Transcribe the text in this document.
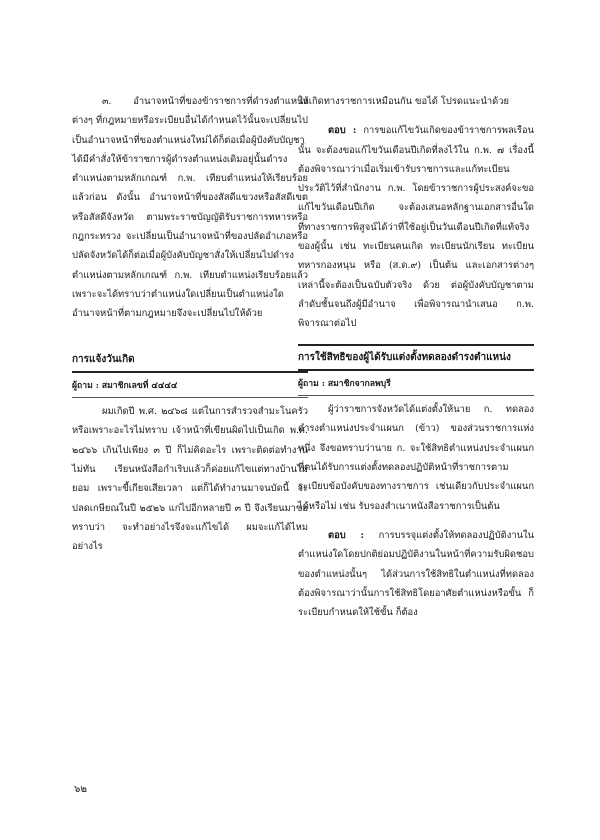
๓. อำนาจหน้าที่ของข้าราชการที่ดำรงตำแหน่งต่างๆ ที่กฎหมายหรือระเบียบอื่นได้กำหนดไว้นั้นจะเปลี่ยนไปเป็นอำนาจหน้าที่ของตำแหน่งใหม่ได้ก็ต่อเมื่อผู้บังคับบัญชาได้มีคำสั่งให้ข้าราชการผู้ดำรงตำแหน่งเดิมอยู่นั้นดำรงตำแหน่งตามหลักเกณฑ์ ก.พ. เทียบตำแหน่งให้เรียบร้อยแล้วก่อน ดังนั้น อำนาจหน้าที่ของสัสดีแขวงหรือสัสดีเขตหรือสัสดีจังหวัด ตามพระราชบัญญัติรับราชการทหารหรือกฎกระทรวง จะเปลี่ยนเป็นอำนาจหน้าที่ของปลัดอำเภอหรือปลัดจังหวัดได้ก็ต่อเมื่อผู้บังคับบัญชาสั่งให้เปลี่ยนไปดำรงตำแหน่งตามหลักเกณฑ์ ก.พ. เทียบตำแหน่งเรียบร้อยแล้ว เพราะจะได้ทราบว่าตำแหน่งใดเปลี่ยนเป็นตำแหน่งใด อำนาจหน้าที่ตามกฎหมายจึงจะเปลี่ยนไปให้ด้วย

การแจ้งวันเกิด
ผู้ถาม : สมาชิกเลขที่ ๔๔๔๔

ผมเกิดปี พ.ศ. ๒๔๖๘ แต่ในการสำรวจสำมะโนครัว หรือเพราะอะไรไม่ทราบ เจ้าหน้าที่เขียนผิดไปเป็นเกิด พ.ศ. ๒๔๖๖ เกินไปเพียง ๓ ปี ก็ไม่คิดอะไร เพราะติดต่อทำงานไม่ทัน เรียนหนังสือกำเริบแล้วก็ค่อยแก้ไขแต่ทางบ้านไม่ยอม เพราะขี้เกียจเสียเวลา แต่ก็ได้ทำงานมาจนบัดนี้ จะปลดเกษียณในปี ๒๕๒๖ แก่ไปอีกหลายปี ๓ ปี จึงเรียนมาขอทราบว่า จะทำอย่างไรจึงจะแก้ไขได้ ผมจะแก้ได้ไหม อย่างไร

ให้เกิดทางราชการเหมือนกัน ขอได้ โปรดแนะนำด้วย

ตอบ : การขอแก้ไขวันเกิดของข้าราชการพลเรือนนั้น จะต้องขอแก้ไขวันเดือนปีเกิดที่ลงไว้ใน ก.พ. ๗ เรื่องนี้ ต้องพิจารณาว่าเมื่อเริ่มเข้ารับราชการและแก้ทะเบียนประวัติไว้ที่สำนักงาน ก.พ. โดยข้าราชการผู้ประสงค์จะขอแก้ไขวันเดือนปีเกิด จะต้องเสนอหลักฐานเอกสารอื่นใดที่ทางราชการพิสูจน์ได้ว่าที่ใช้อยู่เป็นวันเดือนปีเกิดที่แท้จริงของผู้นั้น เช่น ทะเบียนคนเกิด ทะเบียนนักเรียน ทะเบียนทหารกองหนุน หรือ (ส.ด.๙) เป็นต้น และเอกสารต่างๆ เหล่านี้จะต้องเป็นฉบับตัวจริง ด้วย ต่อผู้บังคับบัญชาตามลำดับชั้นจนถึงผู้มีอำนาจ เพื่อพิจารณานำเสนอ ก.พ. พิจารณาต่อไป

การใช้สิทธิของผู้ได้รับแต่งตั้งทดลองดำรงตำแหน่ง
ผู้ถาม : สมาชิกจากลพบุรี

ผู้ว่าราชการจังหวัดได้แต่งตั้งให้นาย ก. ทดลองดำรงตำแหน่งประจำแผนก (ข้าว) ของส่วนราชการแห่งหนึ่ง จึงขอทราบว่านาย ก. จะใช้สิทธิตำแหน่งประจำแผนกที่ตนได้รับการแต่งตั้งทดลองปฏิบัติหน้าที่ราชการตามระเบียบข้อบังคับของทางราชการ เช่นเดียวกับประจำแผนก ได้หรือไม่ เช่น รับรองสำเนาหนังสือราชการเป็นต้น

ตอบ : การบรรจุแต่งตั้งให้ทดลองปฏิบัติงานในตำแหน่งใดโดยปกติย่อมปฏิบัติงานในหน้าที่ความรับผิดชอบของตำแหน่งนั้นๆ ได้ส่วนการใช้สิทธิในตำแหน่งที่ทดลอง ต้องพิจารณาว่านั้นการใช้สิทธิโดยอาศัยตำแหน่งหรือขั้น ก็ระเบียบกำหนดให้ใช้ขั้น ก็ต้อง

๖๒
